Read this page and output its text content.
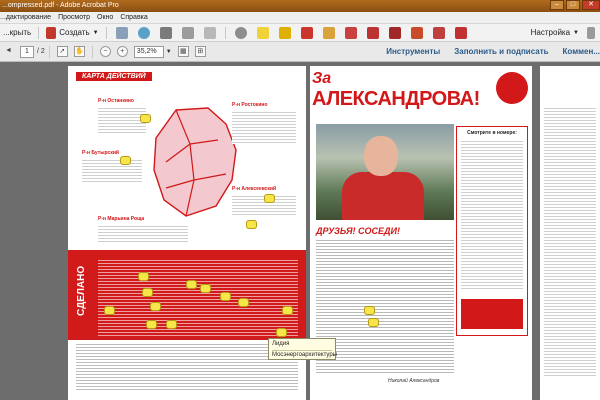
...ompressed.pdf - Adobe Acrobat Pro	–	□	✕
...дактирование	Просмотр	Окно	Справка
...крыть	Создать ▼	Настройка ▼
◄	1	/ 2	➚	✋	−	+	35,2%	▼	▦	⊞	Инструменты Заполнить и подписать Коммен...
КАРТА ДЕЙСТВИЙ
Р-н Останкино
Р-н Ростокино
Р-н Бутырский
Р-н Алексеевский
Р-н Марьина Роща
СДЕЛАНО
За
АЛЕКСАНДРОВА!
Смотрите в номере:
ДРУЗЬЯ! СОСЕДИ!
Николай Александров
Лидия
Мосэнергоархитектуры
